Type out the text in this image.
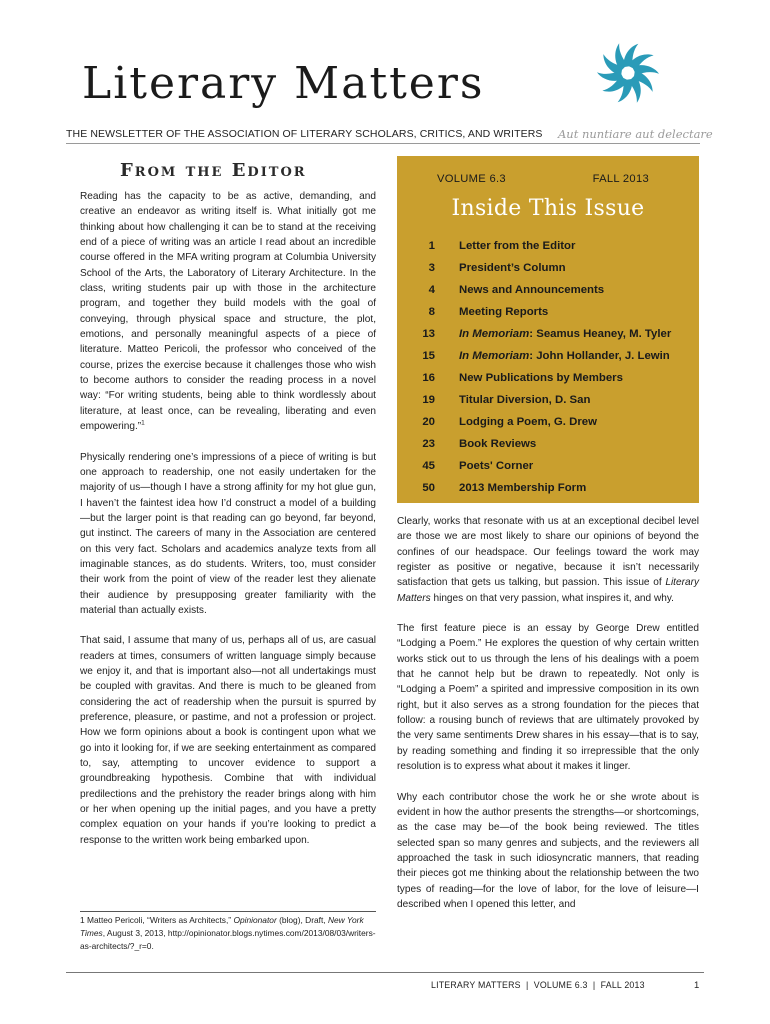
Literary Matters
THE NEWSLETTER OF THE ASSOCIATION OF LITERARY SCHOLARS, CRITICS, AND WRITERS Aut nuntiare aut delectare
From the Editor

Reading has the capacity to be as active, demanding, and creative an endeavor as writing itself is. What initially got me thinking about how challenging it can be to stand at the receiving end of a piece of writing was an article I read about an incredible course offered in the MFA writing program at Columbia University School of the Arts, the Laboratory of Literary Architecture. In the class, writing students pair up with those in the architecture program, and together they build models with the goal of conveying, through physical space and structure, the plot, emotions, and personally meaningful aspects of a piece of literature. Matteo Pericoli, the professor who conceived of the course, prizes the exercise because it challenges those who wish to become authors to consider the reading process in a novel way: “For writing students, being able to think wordlessly about literature, at least once, can be revealing, liberating and even empowering.”$^1$

Physically rendering one’s impressions of a piece of writing is but one approach to readership, one not easily undertaken for the majority of us—though I have a strong affinity for my hot glue gun, I haven’t the faintest idea how I’d construct a model of a building—but the larger point is that reading can go beyond, far beyond, gut instinct. The careers of many in the Association are centered on this very fact. Scholars and academics analyze texts from all imaginable stances, as do students. Writers, too, must consider their work from the point of view of the reader lest they alienate their audience by presupposing greater familiarity with the material than actually exists.

That said, I assume that many of us, perhaps all of us, are casual readers at times, consumers of written language simply because we enjoy it, and that is important also—not all undertakings must be coupled with gravitas. And there is much to be gleaned from considering the act of readership when the pursuit is spurred by preference, pleasure, or pastime, and not a profession or project. How we form opinions about a book is contingent upon what we go into it looking for, if we are seeking entertainment as compared to, say, attempting to uncover evidence to support a groundbreaking hypothesis. Combine that with individual predilections and the prehistory the reader brings along with him or her when opening up the initial pages, and you have a pretty complex equation on your hands if you’re looking to predict a response to the written work being embarked upon.

1 Matteo Pericoli, “Writers as Architects,” Opinionator (blog), Draft, New York Times, August 3, 2013, http://opinionator.blogs.nytimes.com/2013/08/03/writers-as-architects/?_r=0.
VOLUME 6.3	FALL 2013
Inside This Issue
1 Letter from the Editor
3 President’s Column
4 News and Announcements
8 Meeting Reports
13 In Memoriam: Seamus Heaney, M. Tyler
15 In Memoriam: John Hollander, J. Lewin
16 New Publications by Members
19 Titular Diversion, D. San
20 Lodging a Poem, G. Drew
23 Book Reviews
45 Poets' Corner
50 2013 Membership Form

Clearly, works that resonate with us at an exceptional decibel level are those we are most likely to share our opinions of beyond the confines of our headspace. Our feelings toward the work may register as positive or negative, because it isn’t necessarily satisfaction that gets us talking, but passion. This issue of Literary Matters hinges on that very passion, what inspires it, and why.

The first feature piece is an essay by George Drew entitled “Lodging a Poem.” He explores the question of why certain written works stick out to us through the lens of his dealings with a poem that he cannot help but be drawn to repeatedly. Not only is “Lodging a Poem” a spirited and impressive composition in its own right, but it also serves as a strong foundation for the pieces that follow: a rousing bunch of reviews that are ultimately provoked by the very same sentiments Drew shares in his essay—that is to say, by reading something and finding it so irrepressible that the only resolution is to express what about it makes it linger.

Why each contributor chose the work he or she wrote about is evident in how the author presents the strengths—or shortcomings, as the case may be—of the book being reviewed. The titles selected span so many genres and subjects, and the reviewers all approached the task in such idiosyncratic manners, that reading their pieces got me thinking about the relationship between the two types of reading—for the love of labor, for the love of leisure—I described when I opened this letter, and

LITERARY MATTERS  |  VOLUME 6.3  |  FALL 2013	1
